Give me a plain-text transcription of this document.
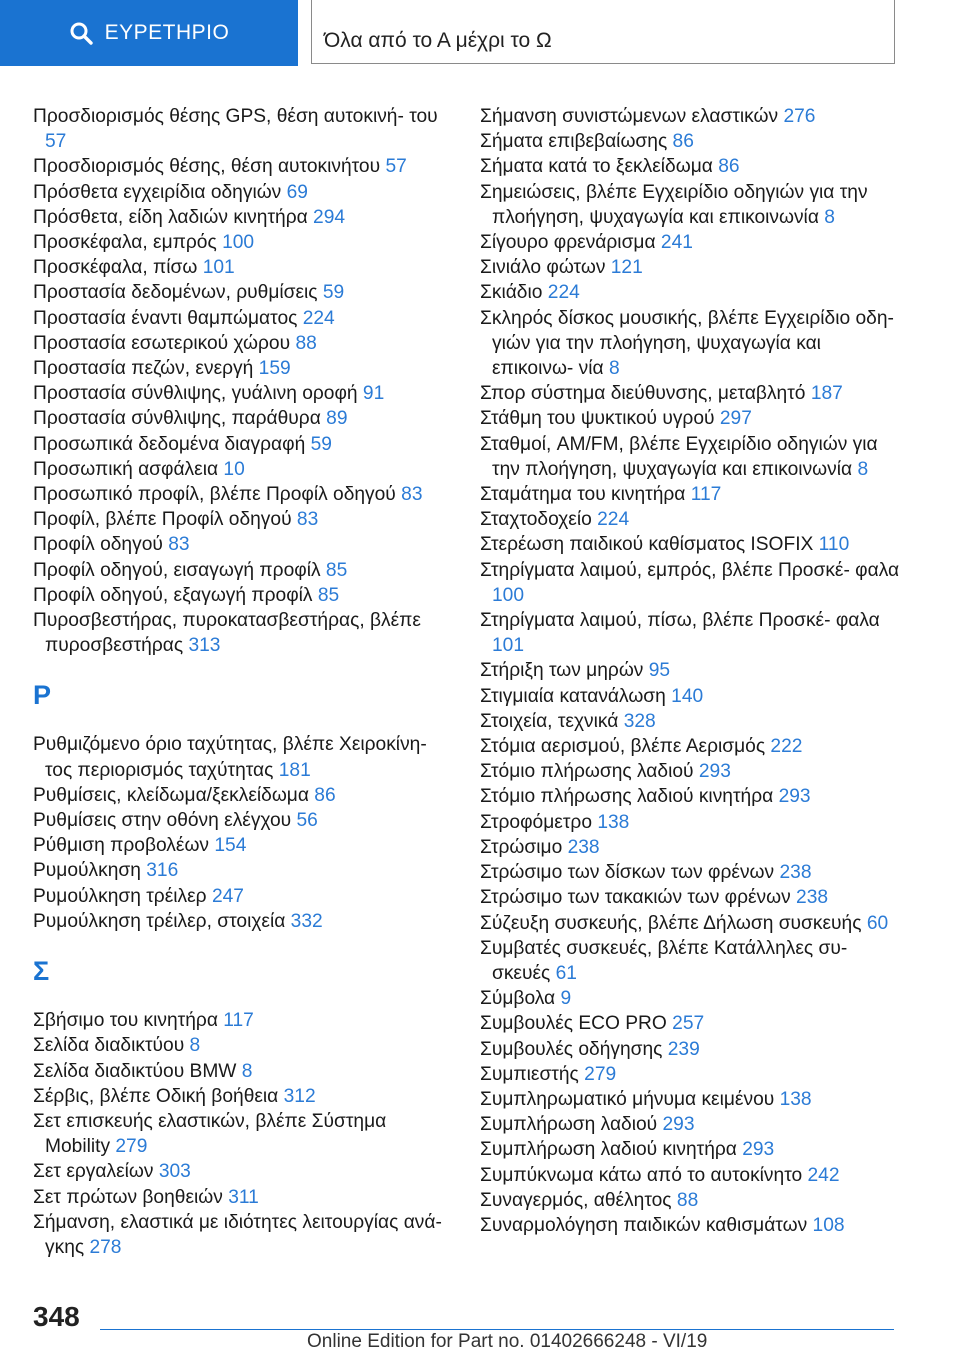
ΕΥΡΕΤΗΡΙΟ	Όλα από το Α μέχρι το Ω
Προσδιορισμός θέσης GPS, θέση αυτοκινή‐ του 57
Προσδιορισμός θέσης, θέση αυτοκινήτου 57
Πρόσθετα εγχειρίδια οδηγιών 69
Πρόσθετα, είδη λαδιών κινητήρα 294
Προσκέφαλα, εμπρός 100
Προσκέφαλα, πίσω 101
Προστασία δεδομένων, ρυθμίσεις 59
Προστασία έναντι θαμπώματος 224
Προστασία εσωτερικού χώρου 88
Προστασία πεζών, ενεργή 159
Προστασία σύνθλιψης, γυάλινη οροφή 91
Προστασία σύνθλιψης, παράθυρα 89
Προσωπικά δεδομένα διαγραφή 59
Προσωπική ασφάλεια 10
Προσωπικό προφίλ, βλέπε Προφίλ οδηγού 83
Προφίλ, βλέπε Προφίλ οδηγού 83
Προφίλ οδηγού 83
Προφίλ οδηγού, εισαγωγή προφίλ 85
Προφίλ οδηγού, εξαγωγή προφίλ 85
Πυροσβεστήρας, πυροκατασβεστήρας, βλέπε πυροσβεστήρας 313
Ρ
Ρυθμιζόμενο όριο ταχύτητας, βλέπε Χειροκίνη‐ τος περιορισμός ταχύτητας 181
Ρυθμίσεις, κλείδωμα/ξεκλείδωμα 86
Ρυθμίσεις στην οθόνη ελέγχου 56
Ρύθμιση προβολέων 154
Ρυμούλκηση 316
Ρυμούλκηση τρέιλερ 247
Ρυμούλκηση τρέιλερ, στοιχεία 332
Σ
Σβήσιμο του κινητήρα 117
Σελίδα διαδικτύου 8
Σελίδα διαδικτύου BMW 8
Σέρβις, βλέπε Οδική βοήθεια 312
Σετ επισκευής ελαστικών, βλέπε Σύστημα Mobility 279
Σετ εργαλείων 303
Σετ πρώτων βοηθειών 311
Σήμανση, ελαστικά με ιδιότητες λειτουργίας ανά‐ γκης 278
Σήμανση συνιστώμενων ελαστικών 276
Σήματα επιβεβαίωσης 86
Σήματα κατά το ξεκλείδωμα 86
Σημειώσεις, βλέπε Εγχειρίδιο οδηγιών για την πλοήγηση, ψυχαγωγία και επικοινωνία 8
Σίγουρο φρενάρισμα 241
Σινιάλο φώτων 121
Σκιάδιο 224
Σκληρός δίσκος μουσικής, βλέπε Εγχειρίδιο οδη‐ γιών για την πλοήγηση, ψυχαγωγία και επικοινω‐ νία 8
Σπορ σύστημα διεύθυνσης, μεταβλητό 187
Στάθμη του ψυκτικού υγρού 297
Σταθμοί, AM/FM, βλέπε Εγχειρίδιο οδηγιών για την πλοήγηση, ψυχαγωγία και επικοινωνία 8
Σταμάτημα του κινητήρα 117
Σταχτοδοχείο 224
Στερέωση παιδικού καθίσματος ISOFIX 110
Στηρίγματα λαιμού, εμπρός, βλέπε Προσκέ‐ φαλα 100
Στηρίγματα λαιμού, πίσω, βλέπε Προσκέ‐ φαλα 101
Στήριξη των μηρών 95
Στιγμιαία κατανάλωση 140
Στοιχεία, τεχνικά 328
Στόμια αερισμού, βλέπε Αερισμός 222
Στόμιο πλήρωσης λαδιού 293
Στόμιο πλήρωσης λαδιού κινητήρα 293
Στροφόμετρο 138
Στρώσιμο 238
Στρώσιμο των δίσκων των φρένων 238
Στρώσιμο των τακακιών των φρένων 238
Σύζευξη συσκευής, βλέπε Δήλωση συσκευής 60
Συμβατές συσκευές, βλέπε Κατάλληλες συ‐ σκευές 61
Σύμβολα 9
Συμβουλές ECO PRO 257
Συμβουλές οδήγησης 239
Συμπιεστής 279
Συμπληρωματικό μήνυμα κειμένου 138
Συμπλήρωση λαδιού 293
Συμπλήρωση λαδιού κινητήρα 293
Συμπύκνωμα κάτω από το αυτοκίνητο 242
Συναγερμός, αθέλητος 88
Συναρμολόγηση παιδικών καθισμάτων 108
348
Online Edition for Part no. 01402666248 - VI/19
